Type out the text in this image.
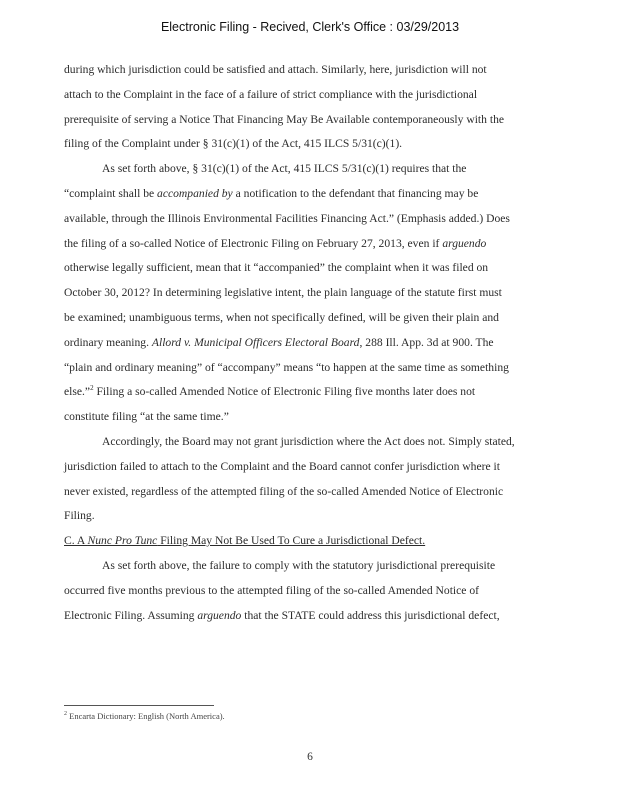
Electronic Filing - Recived, Clerk's Office : 03/29/2013

during which jurisdiction could be satisfied and attach. Similarly, here, jurisdiction will not
attach to the Complaint in the face of a failure of strict compliance with the jurisdictional
prerequisite of serving a Notice That Financing May Be Available contemporaneously with the
filing of the Complaint under § 31(c)(1) of the Act, 415 ILCS 5/31(c)(1).

As set forth above, § 31(c)(1) of the Act, 415 ILCS 5/31(c)(1) requires that the
“complaint shall be accompanied by a notification to the defendant that financing may be
available, through the Illinois Environmental Facilities Financing Act.” (Emphasis added.) Does
the filing of a so-called Notice of Electronic Filing on February 27, 2013, even if arguendo
otherwise legally sufficient, mean that it “accompanied” the complaint when it was filed on
October 30, 2012? In determining legislative intent, the plain language of the statute first must
be examined; unambiguous terms, when not specifically defined, will be given their plain and
ordinary meaning. Allord v. Municipal Officers Electoral Board, 288 Ill. App. 3d at 900. The
“plain and ordinary meaning” of “accompany” means “to happen at the same time as something
else.”$^2$ Filing a so-called Amended Notice of Electronic Filing five months later does not
constitute filing “at the same time.”

Accordingly, the Board may not grant jurisdiction where the Act does not. Simply stated,
jurisdiction failed to attach to the Complaint and the Board cannot confer jurisdiction where it
never existed, regardless of the attempted filing of the so-called Amended Notice of Electronic
Filing.

C. A Nunc Pro Tunc Filing May Not Be Used To Cure a Jurisdictional Defect.

As set forth above, the failure to comply with the statutory jurisdictional prerequisite
occurred five months previous to the attempted filing of the so-called Amended Notice of
Electronic Filing. Assuming arguendo that the STATE could address this jurisdictional defect,

$^2$ Encarta Dictionary: English (North America).
6
